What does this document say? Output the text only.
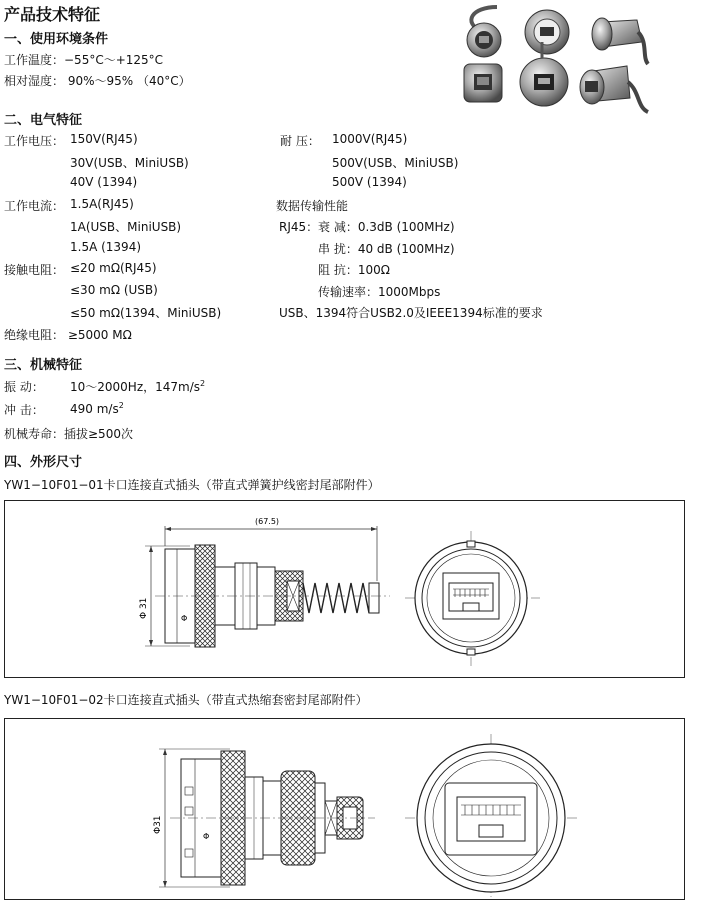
产品技术特征
一、使用环境条件
工作温度：−55°C～+125°C
相对湿度： 90%～95% （40°C）
二、电气特征
工作电压： 150V(RJ45)
30V(USB、MiniUSB)
40V (1394)
工作电流： 1.5A(RJ45)
1A(USB、MiniUSB)
1.5A (1394)
接触电阻： ≤20 mΩ(RJ45)
≤30 mΩ (USB)
≤50 mΩ(1394、MiniUSB)
绝缘电阻： ≥5000 MΩ
耐 压： 1000V(RJ45)
500V(USB、MiniUSB)
500V (1394)
数据传输性能
RJ45： 衰 减：0.3dB (100MHz)
串 扰：40 dB (100MHz)
阻 抗：100Ω
传输速率：1000Mbps
USB、1394符合USB2.0及IEEE1394标准的要求
三、机械特征
振 动： 10～2000Hz，$147m/s^2$
冲 击： 490 $m/s^2$
机械寿命：插拔≥500次
四、外形尺寸
YW1−10F01−01卡口连接直式插头（带直式弹簧护线密封尾部附件）
(67.5)
Φ 31	Φ
YW1−10F01−02卡口连接直式插头（带直式热缩套密封尾部附件）
Φ31
Φ
